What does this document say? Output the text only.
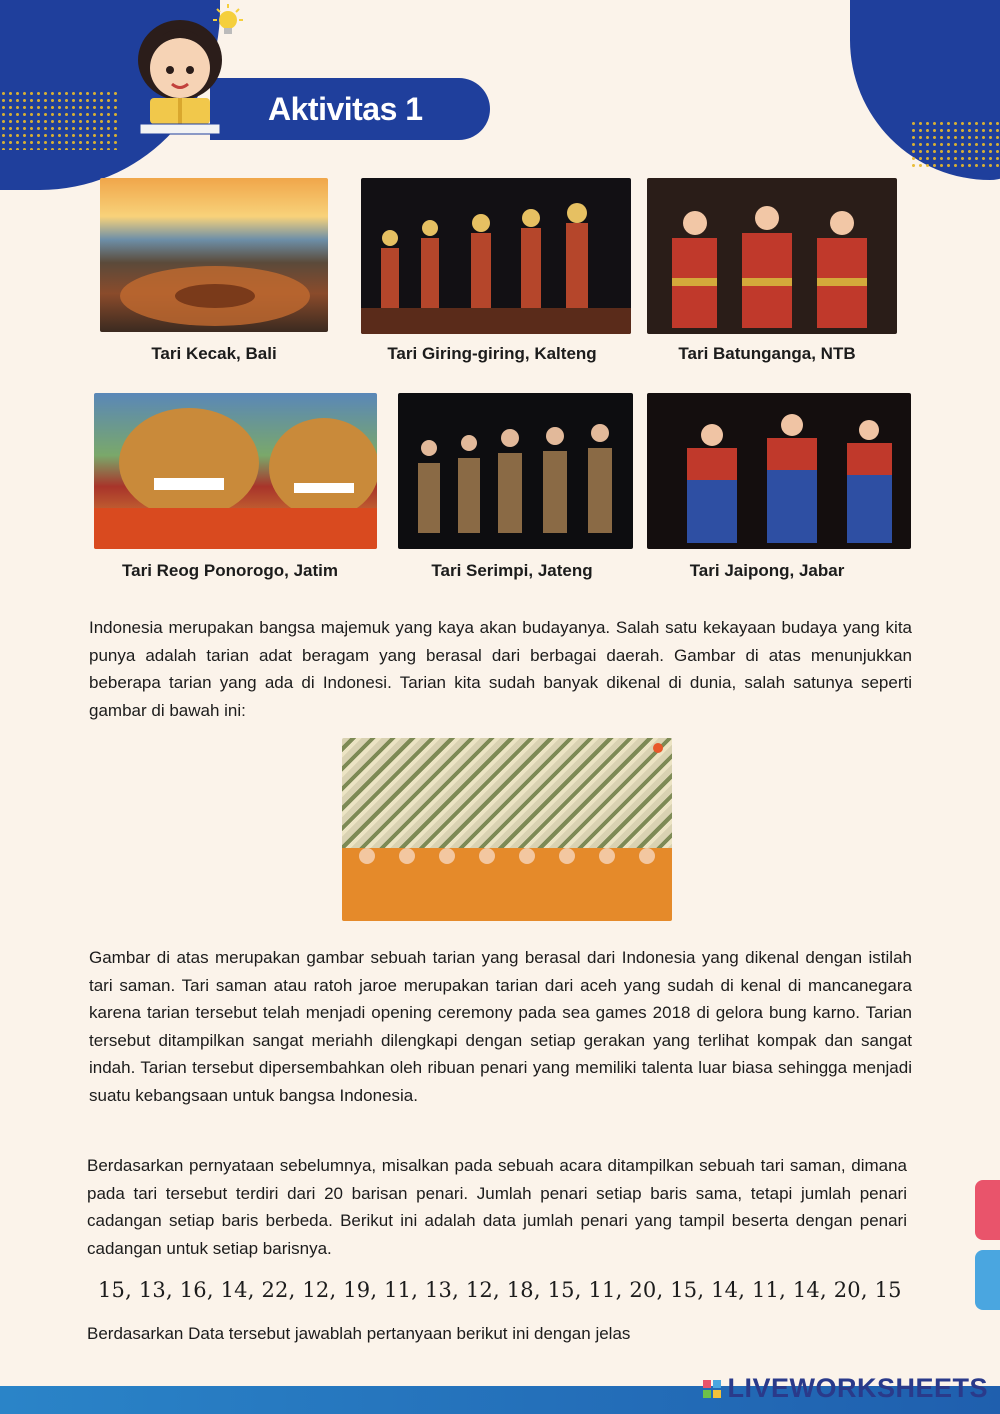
Aktivitas 1
Tari Kecak, Bali	Tari Giring-giring, Kalteng	Tari Batunganga, NTB
Tari Reog Ponorogo, Jatim	Tari Serimpi, Jateng	Tari Jaipong, Jabar

Indonesia merupakan bangsa majemuk yang kaya akan budayanya. Salah satu kekayaan budaya yang kita punya adalah tarian adat beragam yang berasal dari berbagai daerah. Gambar di atas menunjukkan beberapa tarian yang ada di Indonesi. Tarian kita sudah banyak dikenal di dunia, salah satunya seperti gambar di bawah ini:

Gambar di atas merupakan gambar sebuah tarian yang berasal dari Indonesia yang dikenal dengan istilah tari saman. Tari saman atau ratoh jaroe merupakan tarian dari aceh yang sudah di kenal di mancanegara karena tarian tersebut telah menjadi opening ceremony pada sea games 2018 di gelora bung karno. Tarian tersebut ditampilkan sangat meriahh dilengkapi dengan setiap gerakan yang terlihat kompak dan sangat indah. Tarian tersebut dipersembahkan oleh ribuan penari yang memiliki talenta luar biasa sehingga menjadi suatu kebangsaan untuk bangsa Indonesia.

Berdasarkan pernyataan sebelumnya, misalkan pada sebuah acara ditampilkan sebuah tari saman, dimana pada tari tersebut terdiri dari 20 barisan penari. Jumlah penari setiap baris sama, tetapi jumlah penari cadangan setiap baris berbeda. Berikut ini adalah data jumlah penari yang tampil beserta dengan penari cadangan untuk setiap barisnya.

15, 13, 16, 14, 22, 12, 19, 11, 13, 12, 18, 15, 11, 20, 15, 14, 11, 14, 20, 15
Berdasarkan Data tersebut jawablah pertanyaan berikut ini dengan jelas
LIVEWORKSHEETS
